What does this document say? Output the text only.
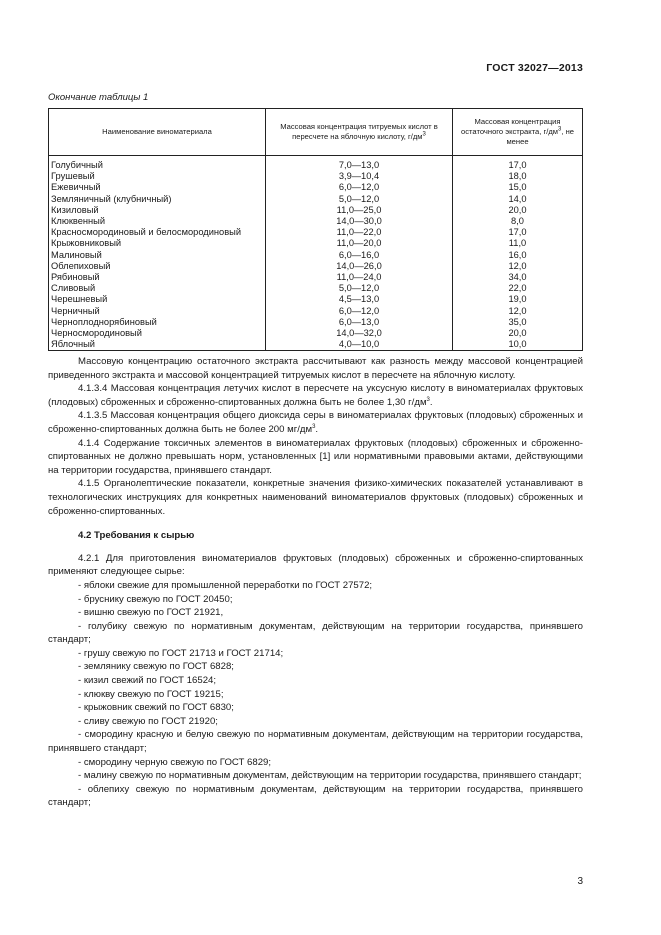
ГОСТ 32027—2013
Окончание таблицы 1
Наименование виноматериала	Массовая концентрация титруемых кислот в пересчете на яблочную кислоту, $г/дм^3$	Массовая концентрация остаточного экстракта, $г/дм^3$, не менее

Голубичный	7,0—13,0	17,0
Грушевый	3,9—10,4	18,0
Ежевичный	6,0—12,0	15,0
Земляничный (клубничный)	5,0—12,0	14,0
Кизиловый	11,0—25,0	20,0
Клюквенный	14,0—30,0	8,0
Красносмородиновый и белосмородиновый	11,0—22,0	17,0
Крыжовниковый	11,0—20,0	11,0
Малиновый	6,0—16,0	16,0
Облепиховый	14,0—26,0	12,0
Рябиновый	11,0—24,0	34,0
Сливовый	5,0—12,0	22,0
Черешневый	4,5—13,0	19,0
Черничный	6,0—12,0	12,0
Черноплоднорябиновый	6,0—13,0	35,0
Черносмородиновый	14,0—32,0	20,0
Яблочный	4,0—10,0	10,0

Массовую концентрацию остаточного экстракта рассчитывают как разность между массовой концентрацией приведенного экстракта и массовой концентрацией титруемых кислот в пересчете на яблочную кислоту.

4.1.3.4 Массовая концентрация летучих кислот в пересчете на уксусную кислоту в виноматериалах фруктовых (плодовых) сброженных и сброженно-спиртованных должна быть не более 1,30 $г/дм^3$.

4.1.3.5 Массовая концентрация общего диоксида серы в виноматериалах фруктовых (плодовых) сброженных и сброженно-спиртованных должна быть не более 200 $мг/дм^3$.

4.1.4 Содержание токсичных элементов в виноматериалах фруктовых (плодовых) сброженных и сброженно-спиртованных не должно превышать норм, установленных [1] или нормативными правовыми актами, действующими на территории государства, принявшего стандарт.

4.1.5 Органолептические показатели, конкретные значения физико-химических показателей устанавливают в технологических инструкциях для конкретных наименований виноматериалов фруктовых (плодовых) сброженных и сброженно-спиртованных.

4.2 Требования к сырью

4.2.1 Для приготовления виноматериалов фруктовых (плодовых) сброженных и сброженно-спиртованных применяют следующее сырье:

- яблоки свежие для промышленной переработки по ГОСТ 27572;

- бруснику свежую по ГОСТ 20450;

- вишню свежую по ГОСТ 21921,

- голубику свежую по нормативным документам, действующим на территории государства, принявшего стандарт;

- грушу свежую по ГОСТ 21713 и ГОСТ 21714;

- землянику свежую по ГОСТ 6828;

- кизил свежий по ГОСТ 16524;

- клюкву свежую по ГОСТ 19215;

- крыжовник свежий по ГОСТ 6830;

- сливу свежую по ГОСТ 21920;

- смородину красную и белую свежую по нормативным документам, действующим на территории государства, принявшего стандарт;

- смородину черную свежую по ГОСТ 6829;

- малину свежую по нормативным документам, действующим на территории государства, принявшего стандарт;

- облепиху свежую по нормативным документам, действующим на территории государства, принявшего стандарт;

3
